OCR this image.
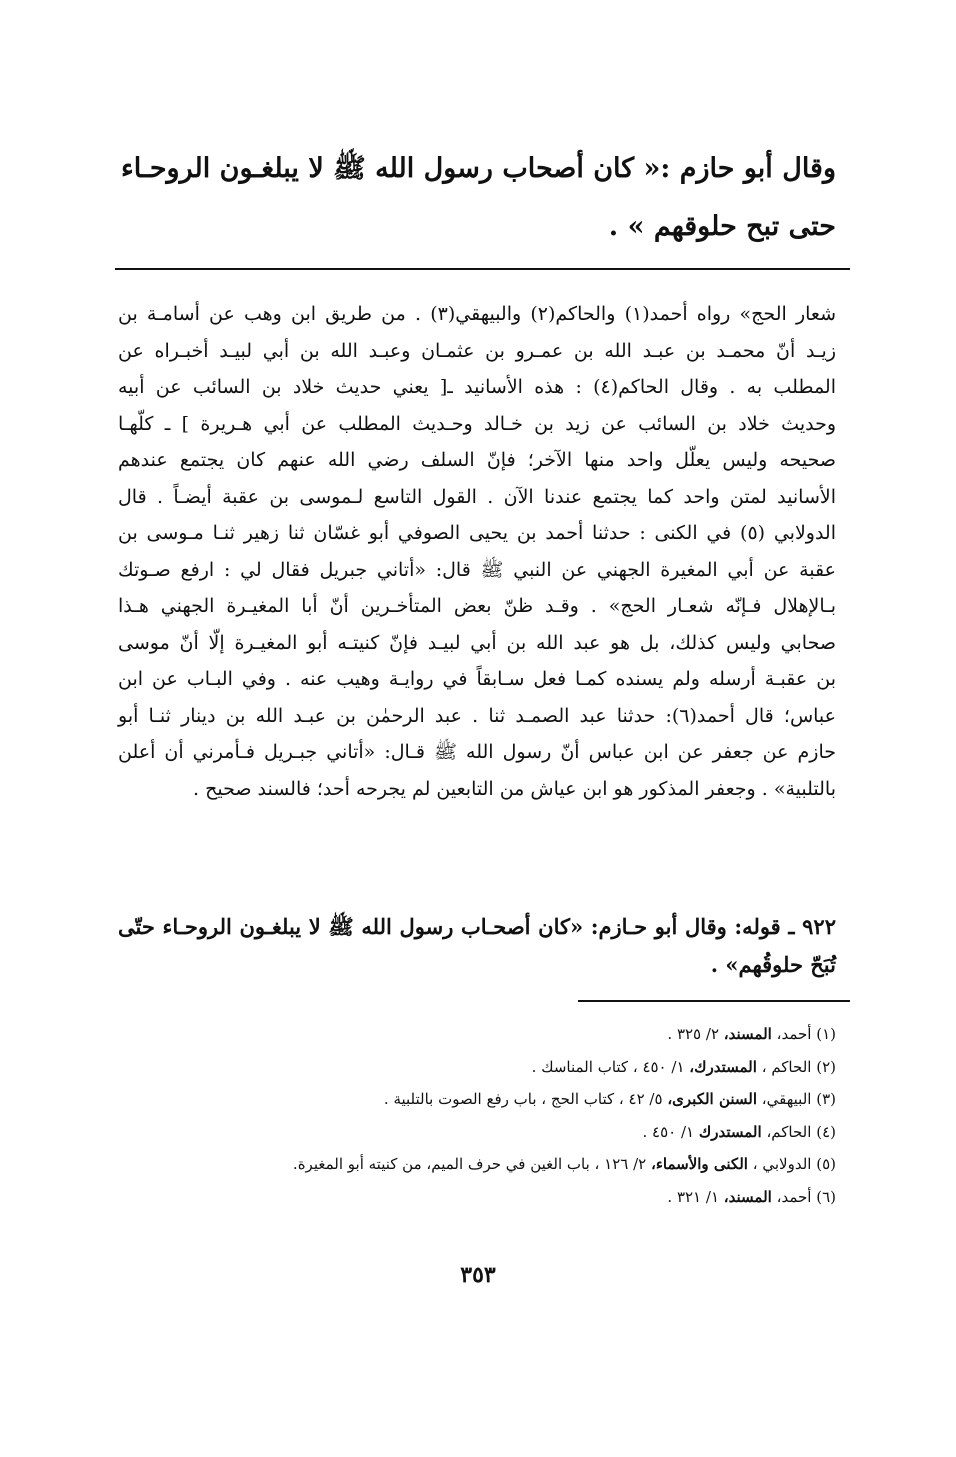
وقال أبو حازم :« كان أصحاب رسول الله ﷺ لا يبلغـون الروحـاء

حتى تبح حلوقهم » .

شعار الحج» رواه أحمد(١) والحاكم(٢) والبيهقي(٣) . من طريق ابن وهب عن أسامـة بن

زيـد أنّ محمـد بن عبـد الله بن عمـرو بن عثمـان وعبـد الله بن أبي لبيـد أخبـراه عن

المطلب به . وقال الحاكم(٤) : هذه الأسانيد ـ[ يعني حديث خلاد بن السائب عن أبيه

وحديث خلاد بن السائب عن زيد بن خـالد وحـديث المطلب عن أبي هـريرة ] ـ كلّهـا

صحيحه وليس يعلّل واحد منها الآخر؛ فإنّ السلف رضي الله عنهم كان يجتمع عندهم

الأسانيد لمتن واحد كما يجتمع عندنا الآن . القول التاسع لـموسى بن عقبة أيضـاً . قال

الدولابي (٥) في الكنى : حدثنا أحمد بن يحيى الصوفي أبو غسّان ثنا زهير ثنـا مـوسى بن

عقبة عن أبي المغيرة الجهني عن النبي ﷺ قال: «أتاني جبريل فقال لي : ارفع صـوتك

بـالإهلال فـإنّه شعـار الحج» . وقـد ظنّ بعض المتأخـرين أنّ أبا المغيـرة الجهني هـذا

صحابي وليس كذلك، بل هو عبد الله بن أبي لبيـد فإنّ كنيتـه أبو المغيـرة إلّا أنّ موسى

بن عقبـة أرسله ولم يسنده كمـا فعل سـابقاً في روايـة وهيب عنه . وفي البـاب عن ابن

عباس؛ قال أحمد(٦): حدثنا عبد الصمـد ثنا . عبد الرحمٰن بن عبـد الله بن دينار ثنـا أبو

حازم عن جعفر عن ابن عباس أنّ رسول الله ﷺ قـال: «أتاني جبـريل فـأمرني أن أعلن

بالتلبية» . وجعفر المذكور هو ابن عياش من التابعين لم يجرحه أحد؛ فالسند صحيح .

٩٢٢ ـ قوله: وقال أبو حـازم: «كان أصحـاب رسول الله ﷺ لا يبلغـون الروحـاء حتّى

تُبَحّ حلوقُهم» .

(١) أحمد، المسند، ٢/ ٣٢٥ .

(٢) الحاكم ، المستدرك، ١/ ٤٥٠ ، كتاب المناسك .

(٣) البيهقي، السنن الكبرى، ٥/ ٤٢ ، كتاب الحج ، باب رفع الصوت بالتلبية .

(٤) الحاكم، المستدرك ١/ ٤٥٠ .

(٥) الدولابي ، الكنى والأسماء، ٢/ ١٢٦ ، باب الغين في حرف الميم، من كنيته أبو المغيرة.

(٦) أحمد، المسند، ١/ ٣٢١ .

٣٥٣
